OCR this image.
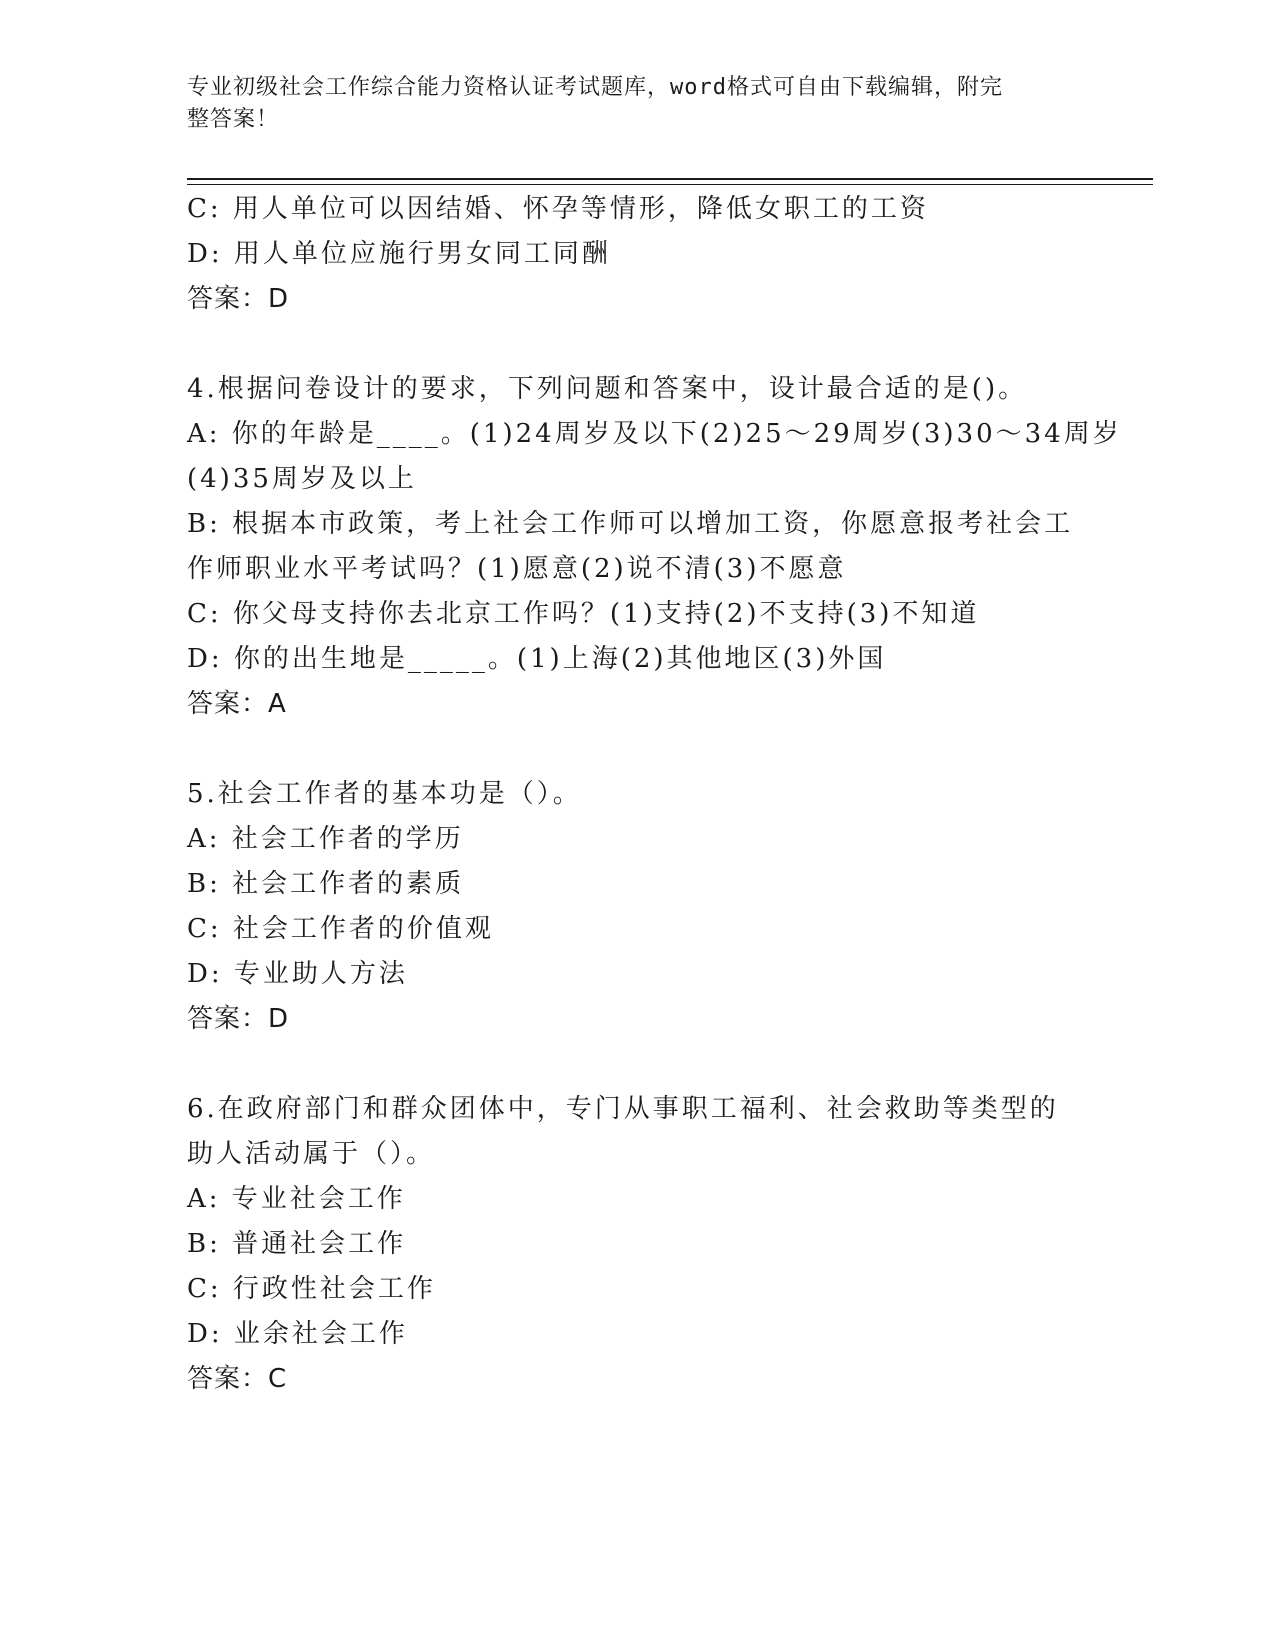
专业初级社会工作综合能力资格认证考试题库，word格式可自由下载编辑，附完
整答案！
C: 用人单位可以因结婚、怀孕等情形，降低女职工的工资
D: 用人单位应施行男女同工同酬
答案：D
4.根据问卷设计的要求，下列问题和答案中，设计最合适的是()。
A: 你的年龄是____。(1)24周岁及以下(2)25～29周岁(3)30～34周岁
(4)35周岁及以上
B: 根据本市政策，考上社会工作师可以增加工资，你愿意报考社会工
作师职业水平考试吗？(1)愿意(2)说不清(3)不愿意
C: 你父母支持你去北京工作吗？(1)支持(2)不支持(3)不知道
D: 你的出生地是_____。(1)上海(2)其他地区(3)外国
答案：A
5.社会工作者的基本功是（）。
A: 社会工作者的学历
B: 社会工作者的素质
C: 社会工作者的价值观
D: 专业助人方法
答案：D
6.在政府部门和群众团体中，专门从事职工福利、社会救助等类型的
助人活动属于（）。
A: 专业社会工作
B: 普通社会工作
C: 行政性社会工作
D: 业余社会工作
答案：C
